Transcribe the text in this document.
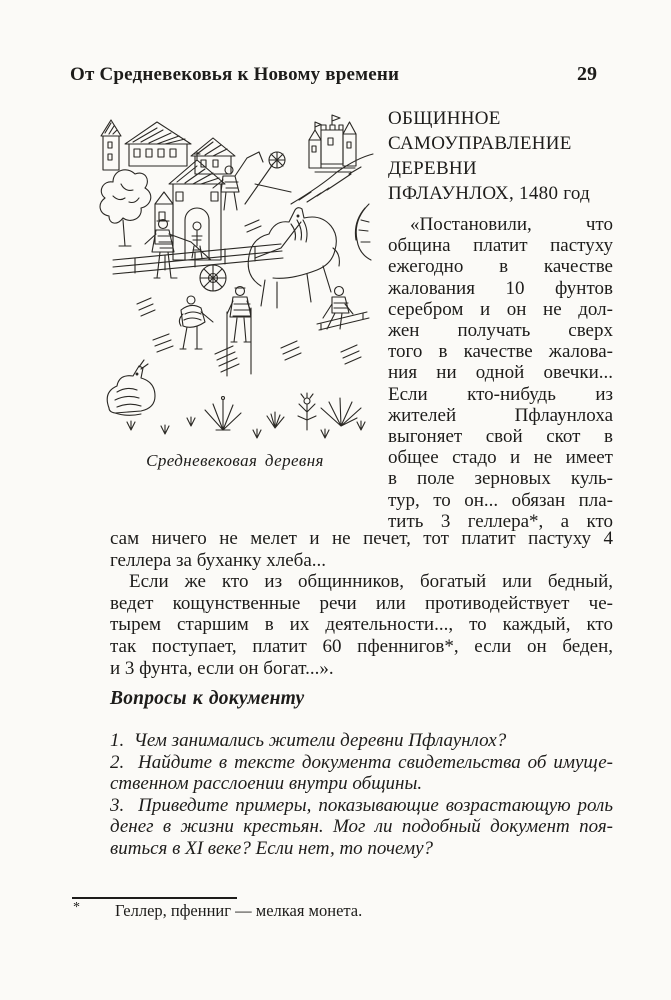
От Средневековья к Новому времени	29
Средневековая деревня
ОБЩИННОЕ
САМОУПРАВЛЕНИЕ
ДЕРЕВНИ
ПФЛАУНЛОХ, 1480 год
«Постановили, что
община платит пастуху
ежегодно в качестве
жалования 10 фунтов
серебром и он не дол-
жен получать сверх
того в качестве жалова-
ния ни одной овечки...
Если кто-нибудь из
жителей Пфлаунлоха
выгоняет свой скот в
общее стадо и не имеет
в поле зерновых куль-
тур, то он... обязан пла-
тить 3 геллера*, а кто
сам ничего не мелет и не печет, тот платит пастуху 4
геллера за буханку хлеба...
Если же кто из общинников, богатый или бедный,
ведет кощунственные речи или противодействует че-
тырем старшим в их деятельности..., то каждый, кто
так поступает, платит 60 пфеннигов*, если он беден,
и 3 фунта, если он богат...».
Вопросы к документу
1.  Чем занимались жители деревни Пфлаунлох?
2.  Найдите в тексте документа свидетельства об имуще-
ственном расслоении внутри общины.
3.  Приведите примеры, показывающие возрастающую роль
денег в жизни крестьян. Мог ли подобный документ поя-
виться в XI веке? Если нет, то почему?
* Геллер, пфенниг — мелкая монета.
